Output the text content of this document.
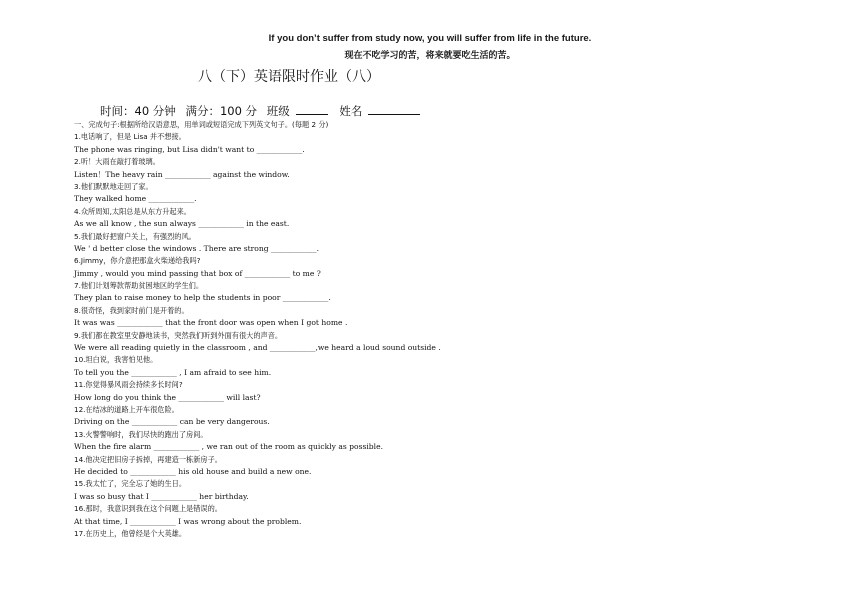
If you don’t suffer from study now, you will suffer from life in the future.
现在不吃学习的苦，将来就要吃生活的苦。
八（下）英语限时作业（八）
时间：40 分钟 满分：100 分 班级	姓名
一、完成句子:根据所给汉语意思，用单词或短语完成下列英文句子。(每题 2 分)
1.电话响了，但是 Lisa 并不想接。
The phone was ringing, but Lisa didn't want to ____________.
2.听！大雨在敲打着玻璃。
Listen！The heavy rain ____________ against the window.
3.他们默默地走回了家。
They walked home ____________.
4.众所周知,太阳总是从东方升起来。
As we all know , the sun always ____________ in the east.
5.我们最好把窗户关上，有强烈的风。
We ' d better close the windows . There are strong ____________.
6.Jimmy，你介意把那盒火柴递给我吗?
Jimmy , would you mind passing that box of ____________ to me ?
7.他们计划筹款帮助贫困地区的学生们。
They plan to raise money to help the students in poor ____________.
8.很奇怪，我到家时前门是开着的。
It was was ____________ that the front door was open when I got home .
9.我们都在教室里安静地读书，突然我们听到外面有很大的声音。
We were all reading quietly in the classroom , and ____________,we heard a loud sound outside .
10.坦白说，我害怕见他。
To tell you the ____________ , I am afraid to see him.
11.你觉得暴风雨会持续多长时间?
How long do you think the ____________ will last?
12.在结冰的道路上开车很危险。
Driving on the ____________ can be very dangerous.
13.火警警响时，我们尽快的跑出了房间。
When the fire alarm ____________ , we ran out of the room as quickly as possible.
14.他决定把旧房子拆掉，再建造一栋新房子。
He decided to ____________ his old house and build a new one.
15.我太忙了，完全忘了她的生日。
I was so busy that I ____________ her birthday.
16.那时，我意识到我在这个问题上是错误的。
At that time, I ____________ I was wrong about the problem.
17.在历史上，他曾经是个大英雄。
